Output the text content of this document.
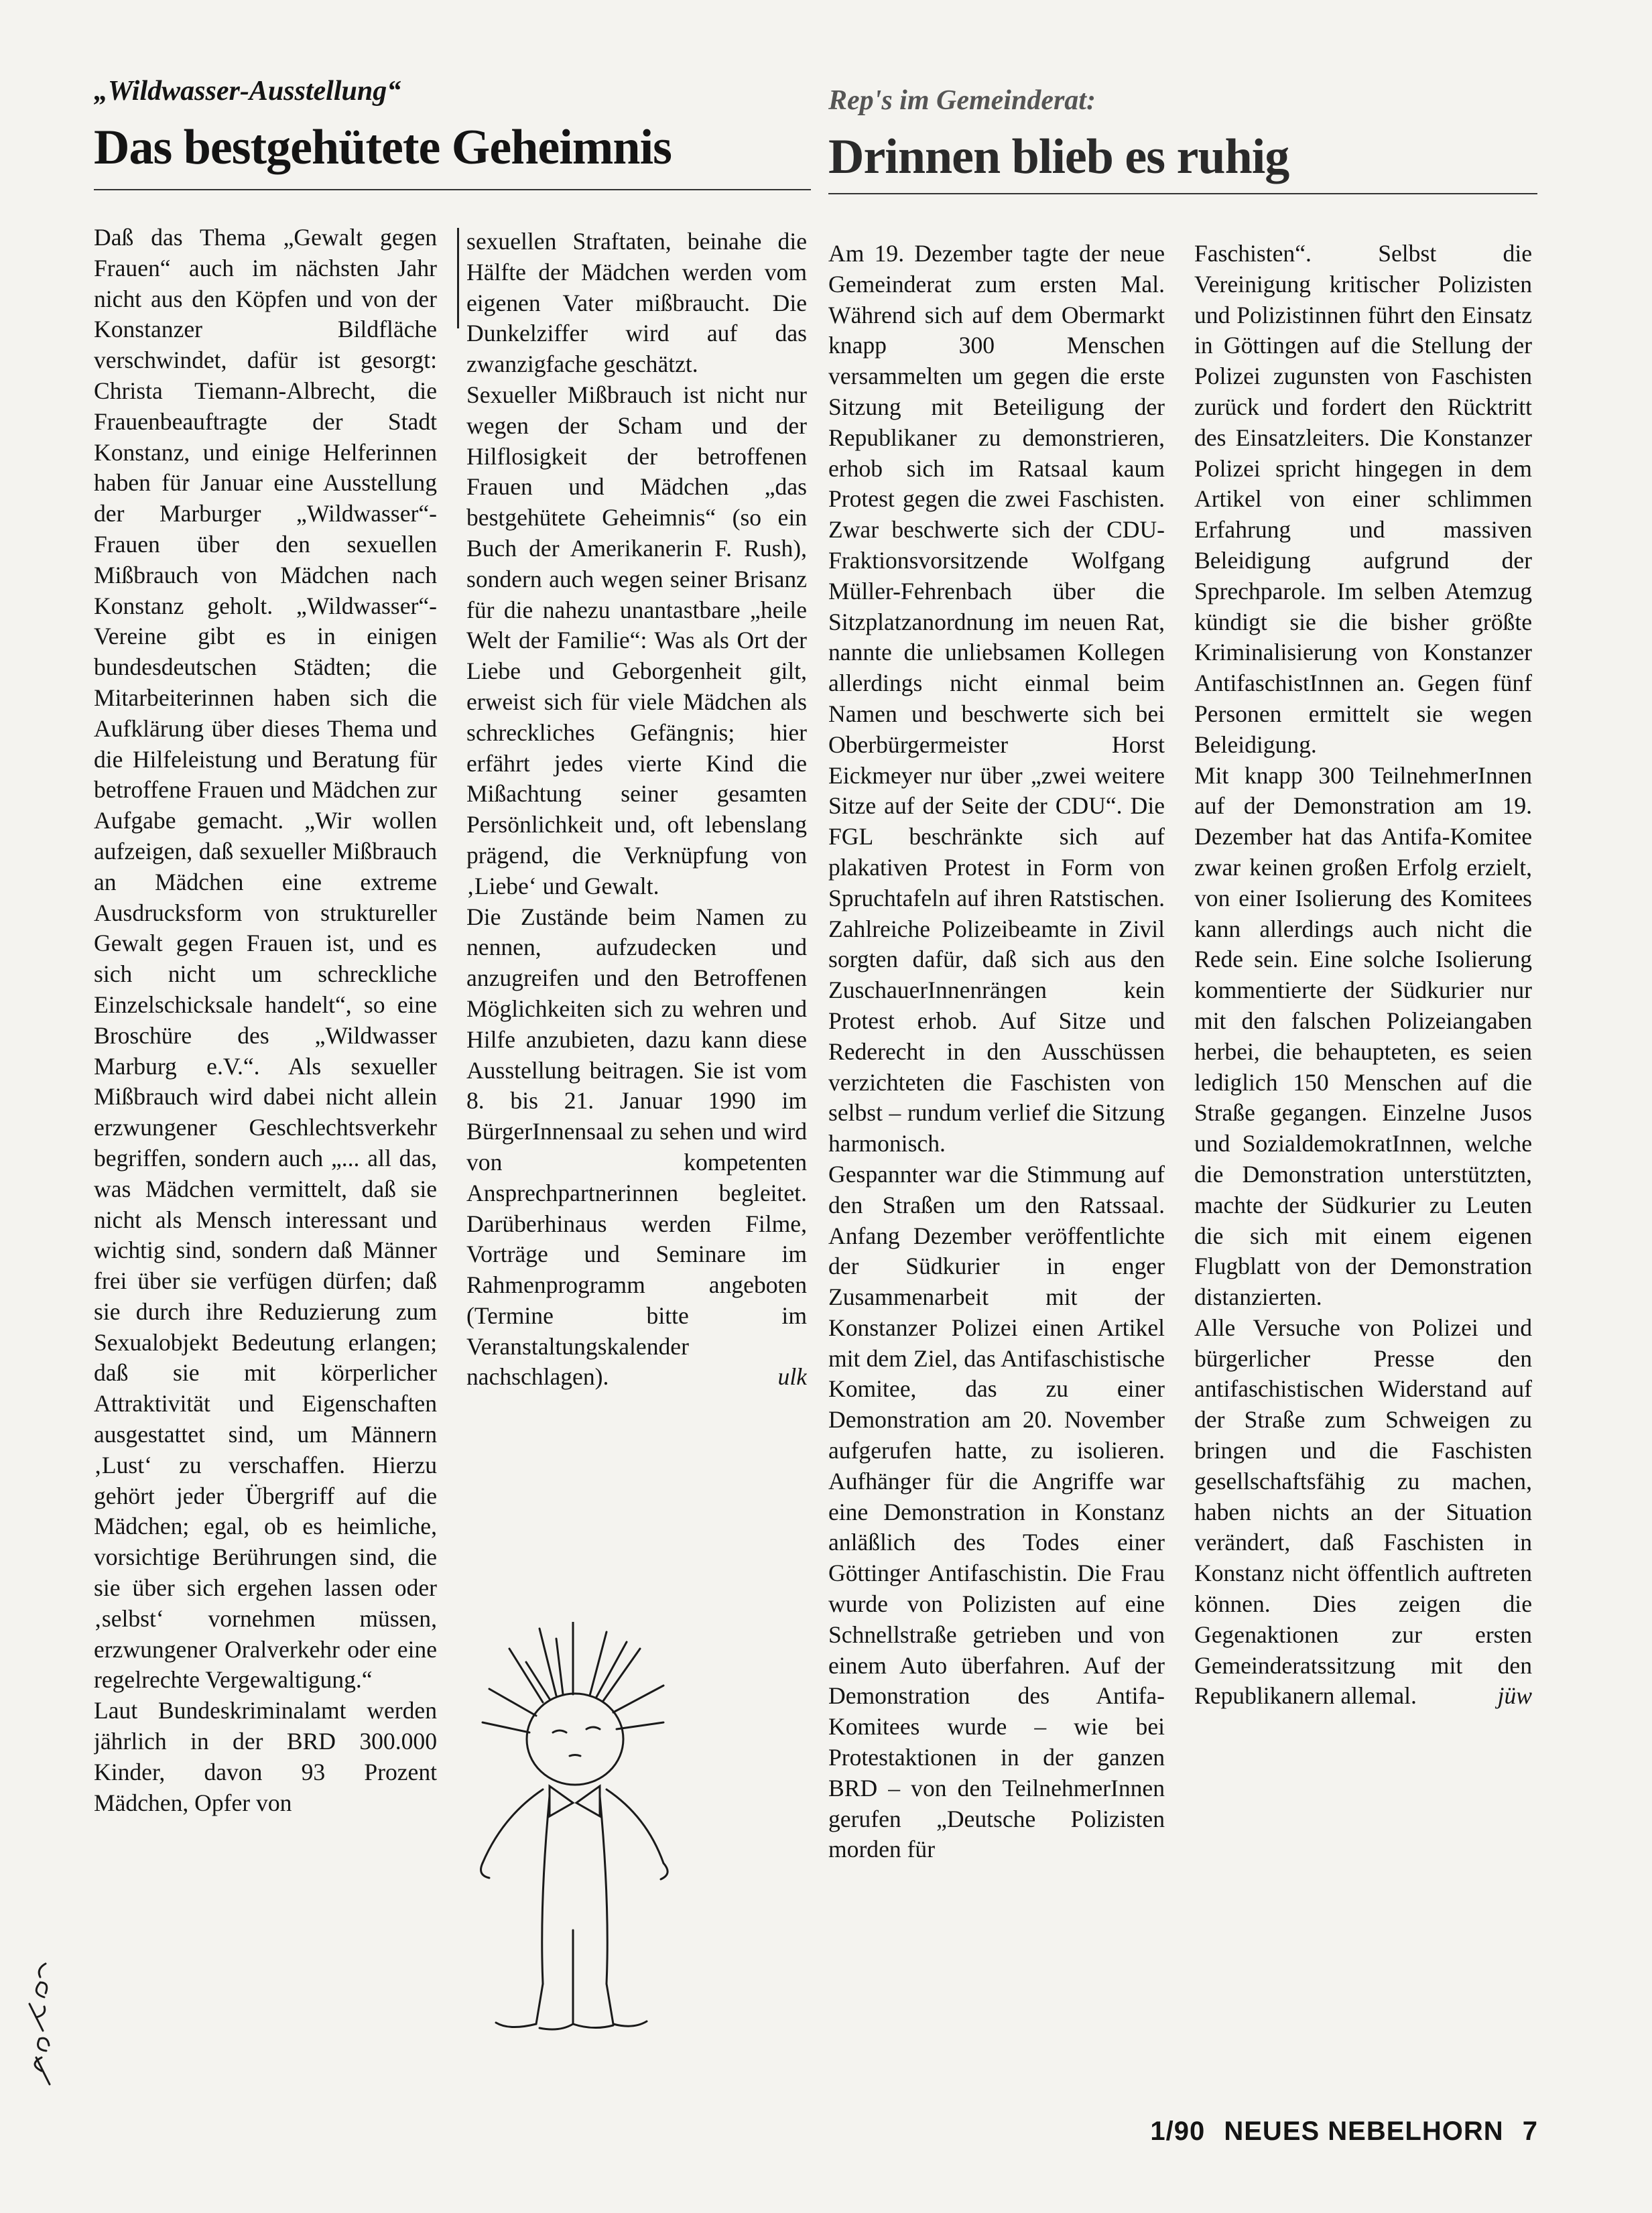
„Wildwasser-Ausstellung“
Das bestgehütete Geheimnis
Rep's im Gemeinderat:
Drinnen blieb es ruhig

Daß das Thema „Gewalt gegen Frauen“ auch im nächsten Jahr nicht aus den Köpfen und von der Konstanzer Bildfläche verschwindet, dafür ist gesorgt: Christa Tiemann-Albrecht, die Frauenbeauftragte der Stadt Konstanz, und einige Helferinnen haben für Januar eine Ausstellung der Marburger „Wildwasser“-Frauen über den sexuellen Mißbrauch von Mädchen nach Konstanz geholt. „Wildwasser“-Vereine gibt es in einigen bundesdeutschen Städten; die Mitarbeiterinnen haben sich die Aufklärung über dieses Thema und die Hilfeleistung und Beratung für betroffene Frauen und Mädchen zur Aufgabe gemacht. „Wir wollen aufzeigen, daß sexueller Mißbrauch an Mädchen eine extreme Ausdrucksform von struktureller Gewalt gegen Frauen ist, und es sich nicht um schreckliche Einzelschicksale handelt“, so eine Broschüre des „Wildwasser Marburg e.V.“. Als sexueller Mißbrauch wird dabei nicht allein erzwungener Geschlechtsverkehr begriffen, sondern auch „... all das, was Mädchen vermittelt, daß sie nicht als Mensch interessant und wichtig sind, sondern daß Männer frei über sie verfügen dürfen; daß sie durch ihre Reduzierung zum Sexualobjekt Bedeutung erlangen; daß sie mit körperlicher Attraktivität und Eigenschaften ausgestattet sind, um Männern ‚Lust‘ zu verschaffen. Hierzu gehört jeder Übergriff auf die Mädchen; egal, ob es heimliche, vorsichtige Berührungen sind, die sie über sich ergehen lassen oder ‚selbst‘ vornehmen müssen, erzwungener Oralverkehr oder eine regelrechte Vergewaltigung.“

Laut Bundeskriminalamt werden jährlich in der BRD 300.000 Kinder, davon 93 Prozent Mädchen, Opfer von

sexuellen Straftaten, beinahe die Hälfte der Mädchen werden vom eigenen Vater mißbraucht. Die Dunkelziffer wird auf das zwanzigfache geschätzt.

Sexueller Mißbrauch ist nicht nur wegen der Scham und der Hilflosigkeit der betroffenen Frauen und Mädchen „das bestgehütete Geheimnis“ (so ein Buch der Amerikanerin F. Rush), sondern auch wegen seiner Brisanz für die nahezu unantastbare „heile Welt der Familie“: Was als Ort der Liebe und Geborgenheit gilt, erweist sich für viele Mädchen als schreckliches Gefängnis; hier erfährt jedes vierte Kind die Mißachtung seiner gesamten Persönlichkeit und, oft lebenslang prägend, die Verknüpfung von ‚Liebe‘ und Gewalt.

Die Zustände beim Namen zu nennen, aufzudecken und anzugreifen und den Betroffenen Möglichkeiten sich zu wehren und Hilfe anzubieten, dazu kann diese Ausstellung beitragen. Sie ist vom 8. bis 21. Januar 1990 im BürgerInnensaal zu sehen und wird von kompetenten Ansprechpartnerinnen begleitet. Darüberhinaus werden Filme, Vorträge und Seminare im Rahmenprogramm angeboten (Termine bitte im Veranstaltungskalender nachschlagen).	ulk

Am 19. Dezember tagte der neue Gemeinderat zum ersten Mal. Während sich auf dem Obermarkt knapp 300 Menschen versammelten um gegen die erste Sitzung mit Beteiligung der Republikaner zu demonstrieren, erhob sich im Ratsaal kaum Protest gegen die zwei Faschisten. Zwar beschwerte sich der CDU-Fraktionsvorsitzende Wolfgang Müller-Fehrenbach über die Sitzplatzanordnung im neuen Rat, nannte die unliebsamen Kollegen allerdings nicht einmal beim Namen und beschwerte sich bei Oberbürgermeister Horst Eickmeyer nur über „zwei weitere Sitze auf der Seite der CDU“. Die FGL beschränkte sich auf plakativen Protest in Form von Spruchtafeln auf ihren Ratstischen. Zahlreiche Polizeibeamte in Zivil sorgten dafür, daß sich aus den ZuschauerInnenrängen kein Protest erhob. Auf Sitze und Rederecht in den Ausschüssen verzichteten die Faschisten von selbst – rundum verlief die Sitzung harmonisch.

Gespannter war die Stimmung auf den Straßen um den Ratssaal. Anfang Dezember veröffentlichte der Südkurier in enger Zusammenarbeit mit der Konstanzer Polizei einen Artikel mit dem Ziel, das Antifaschistische Komitee, das zu einer Demonstration am 20. November aufgerufen hatte, zu isolieren. Aufhänger für die Angriffe war eine Demonstration in Konstanz anläßlich des Todes einer Göttinger Antifaschistin. Die Frau wurde von Polizisten auf eine Schnellstraße getrieben und von einem Auto überfahren. Auf der Demonstration des Antifa-Komitees wurde – wie bei Protestaktionen in der ganzen BRD – von den TeilnehmerInnen gerufen „Deutsche Polizisten morden für

Faschisten“. Selbst die Vereinigung kritischer Polizisten und Polizistinnen führt den Einsatz in Göttingen auf die Stellung der Polizei zugunsten von Faschisten zurück und fordert den Rücktritt des Einsatzleiters. Die Konstanzer Polizei spricht hingegen in dem Artikel von einer schlimmen Erfahrung und massiven Beleidigung aufgrund der Sprechparole. Im selben Atemzug kündigt sie die bisher größte Kriminalisierung von Konstanzer AntifaschistInnen an. Gegen fünf Personen ermittelt sie wegen Beleidigung.

Mit knapp 300 TeilnehmerInnen auf der Demonstration am 19. Dezember hat das Antifa-Komitee zwar keinen großen Erfolg erzielt, von einer Isolierung des Komitees kann allerdings auch nicht die Rede sein. Eine solche Isolierung kommentierte der Südkurier nur mit den falschen Polizeiangaben herbei, die behaupteten, es seien lediglich 150 Menschen auf die Straße gegangen. Einzelne Jusos und SozialdemokratInnen, welche die Demonstration unterstützten, machte der Südkurier zu Leuten die sich mit einem eigenen Flugblatt von der Demonstration distanzierten.

Alle Versuche von Polizei und bürgerlicher Presse den antifaschistischen Widerstand auf der Straße zum Schweigen zu bringen und die Faschisten gesellschaftsfähig zu machen, haben nichts an der Situation verändert, daß Faschisten in Konstanz nicht öffentlich auftreten können. Dies zeigen die Gegenaktionen zur ersten Gemeinderatssitzung mit den Republikanern allemal.	jüw

1/90 NEUES NEBELHORN 7
